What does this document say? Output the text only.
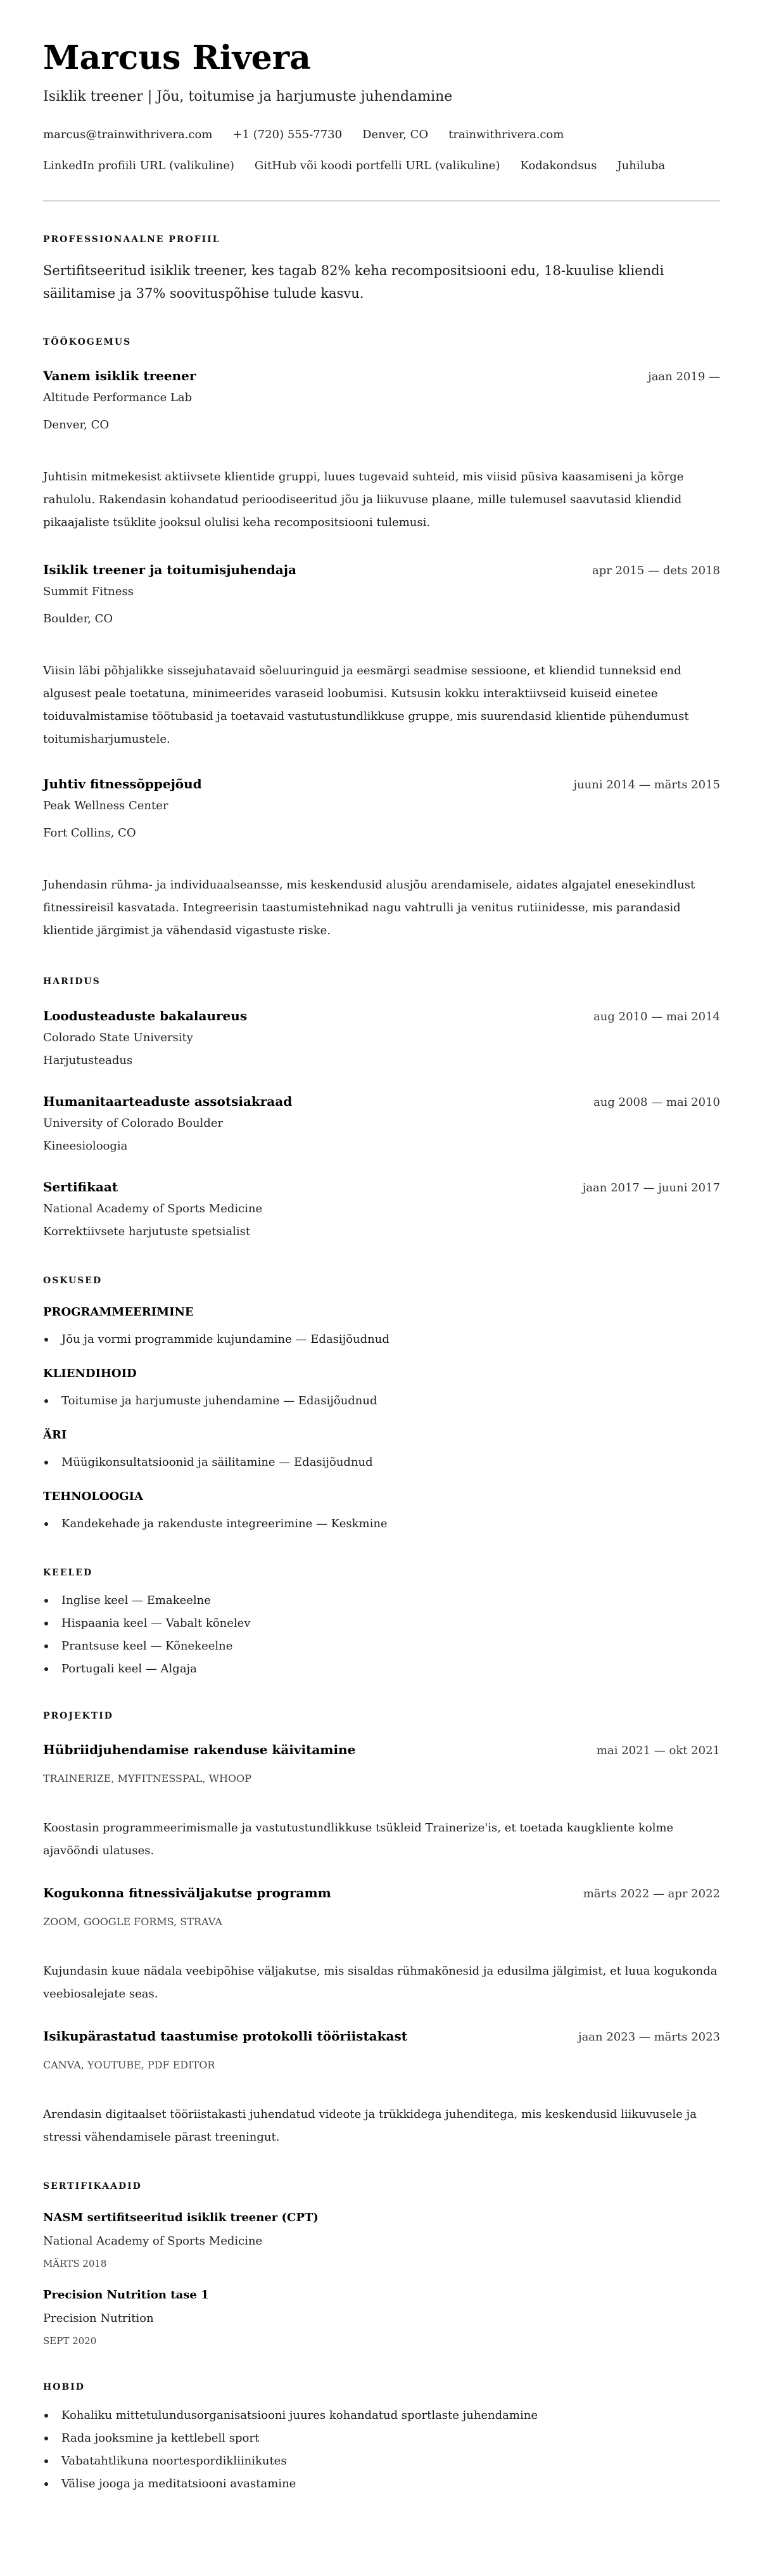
Marcus Rivera
Isiklik treener | Jõu, toitumise ja harjumuste juhendamine
marcus@trainwithrivera.com +1 (720) 555-7730 Denver, CO trainwithrivera.com
LinkedIn profiili URL (valikuline) GitHub või koodi portfelli URL (valikuline) Kodakondsus Juhiluba
PROFESSIONAALNE PROFIIL
Sertifitseeritud isiklik treener, kes tagab 82% keha recompositsiooni edu, 18-kuulise kliendi säilitamise ja 37% soovituspõhise tulude kasvu.
TÖÖKOGEMUS
Vanem isiklik treener	jaan 2019 —
Altitude Performance Lab
Denver, CO
Juhtisin mitmekesist aktiivsete klientide gruppi, luues tugevaid suhteid, mis viisid püsiva kaasamiseni ja kõrge rahulolu. Rakendasin kohandatud perioodiseeritud jõu ja liikuvuse plaane, mille tulemusel saavutasid kliendid pikaajaliste tsüklite jooksul olulisi keha recompositsiooni tulemusi.
Isiklik treener ja toitumisjuhendaja	apr 2015 — dets 2018
Summit Fitness
Boulder, CO
Viisin läbi põhjalikke sissejuhatavaid sõeluuringuid ja eesmärgi seadmise sessioone, et kliendid tunneksid end algusest peale toetatuna, minimeerides varaseid loobumisi. Kutsusin kokku interaktiivseid kuiseid einetee toiduvalmistamise töötubasid ja toetavaid vastutustundlikkuse gruppe, mis suurendasid klientide pühendumust toitumisharjumustele.
Juhtiv fitnessõppejõud	juuni 2014 — märts 2015
Peak Wellness Center
Fort Collins, CO
Juhendasin rühma- ja individuaalseansse, mis keskendusid alusjõu arendamisele, aidates algajatel enesekindlust fitnessireisil kasvatada. Integreerisin taastumistehnikad nagu vahtrulli ja venitus rutiinidesse, mis parandasid klientide järgimist ja vähendasid vigastuste riske.
HARIDUS
Loodusteaduste bakalaureus	aug 2010 — mai 2014
Colorado State University
Harjutusteadus
Humanitaarteaduste assotsiakraad	aug 2008 — mai 2010
University of Colorado Boulder
Kineesioloogia
Sertifikaat	jaan 2017 — juuni 2017
National Academy of Sports Medicine
Korrektiivsete harjutuste spetsialist
OSKUSED
PROGRAMMEERIMINE
Jõu ja vormi programmide kujundamine — Edasijõudnud
KLIENDIHOID
Toitumise ja harjumuste juhendamine — Edasijõudnud
ÄRI
Müügikonsultatsioonid ja säilitamine — Edasijõudnud
TEHNOLOOGIA
Kandekehade ja rakenduste integreerimine — Keskmine
KEELED
Inglise keel — Emakeelne
Hispaania keel — Vabalt kõnelev
Prantsuse keel — Kõnekeelne
Portugali keel — Algaja
PROJEKTID
Hübriidjuhendamise rakenduse käivitamine	mai 2021 — okt 2021
TRAINERIZE, MYFITNESSPAL, WHOOP
Koostasin programmeerimismalle ja vastutustundlikkuse tsükleid Trainerize'is, et toetada kaugkliente kolme ajavööndi ulatuses.
Kogukonna fitnessiväljakutse programm	märts 2022 — apr 2022
ZOOM, GOOGLE FORMS, STRAVA
Kujundasin kuue nädala veebipõhise väljakutse, mis sisaldas rühmakõnesid ja edusilma jälgimist, et luua kogukonda veebiosalejate seas.
Isikupärastatud taastumise protokolli tööriistakast	jaan 2023 — märts 2023
CANVA, YOUTUBE, PDF EDITOR
Arendasin digitaalset tööriistakasti juhendatud videote ja trükkidega juhenditega, mis keskendusid liikuvusele ja stressi vähendamisele pärast treeningut.
SERTIFIKAADID
NASM sertifitseeritud isiklik treener (CPT)
National Academy of Sports Medicine
MÄRTS 2018
Precision Nutrition tase 1
Precision Nutrition
SEPT 2020
HOBID
Kohaliku mittetulundusorganisatsiooni juures kohandatud sportlaste juhendamine
Rada jooksmine ja kettlebell sport
Vabatahtlikuna noortespordikliinikutes
Välise jooga ja meditatsiooni avastamine
